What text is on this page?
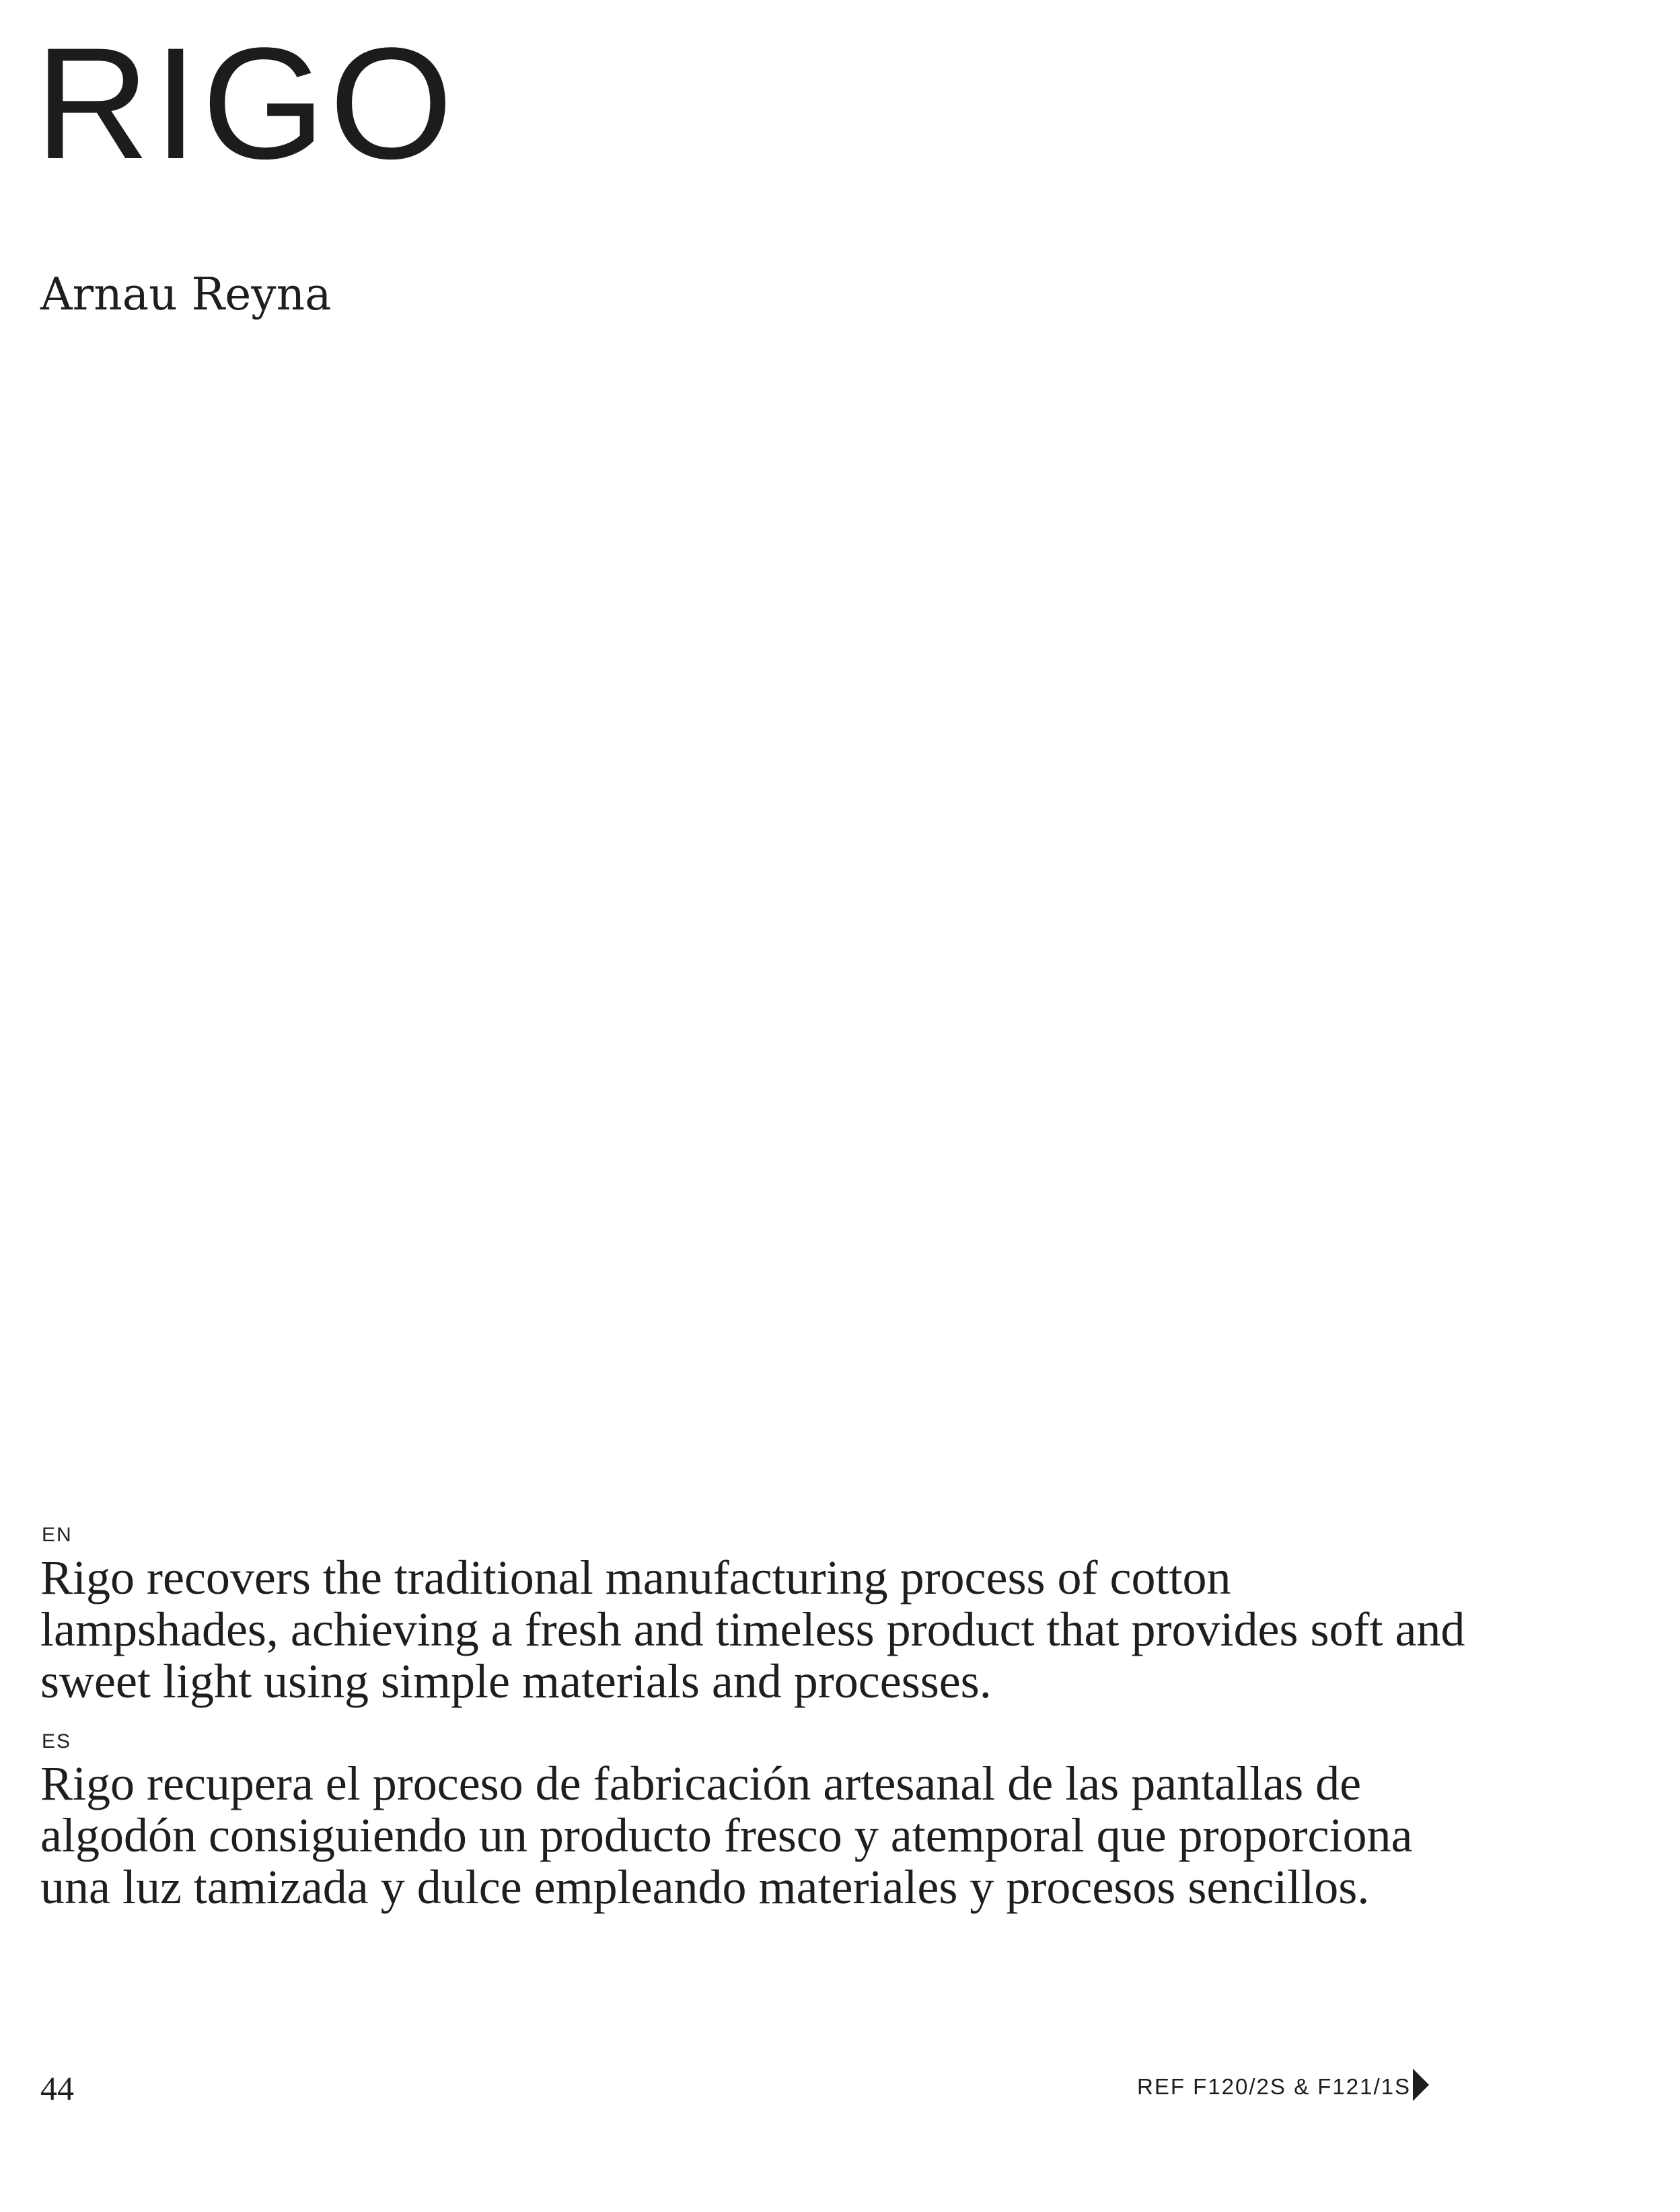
RIGO
Arnau Reyna
EN

Rigo recovers the traditional manufacturing process of cotton lampshades, achieving a fresh and timeless product that provides soft and sweet light using simple materials and processes.

ES

Rigo recupera el proceso de fabricación artesanal de las pantallas de algodón consiguiendo un producto fresco y atemporal que proporciona una luz tamizada y dulce empleando materiales y procesos sencillos.

44	REF F120/2S & F121/1S
